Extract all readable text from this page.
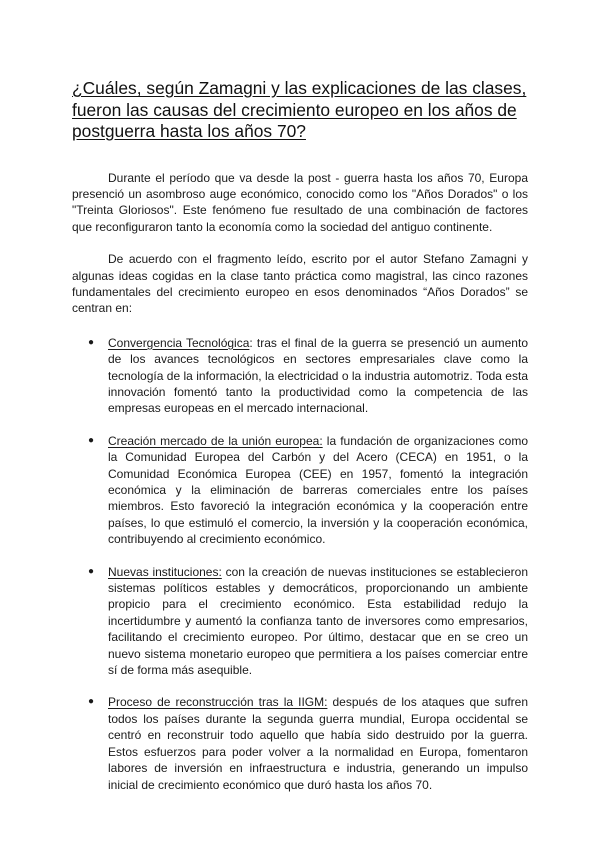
¿Cuáles, según Zamagni y las explicaciones de las clases, fueron las causas del crecimiento europeo en los años de postguerra hasta los años 70?

Durante el período que va desde la post - guerra hasta los años 70, Europa presenció un asombroso auge económico, conocido como los "Años Dorados" o los "Treinta Gloriosos". Este fenómeno fue resultado de una combinación de factores que reconfiguraron tanto la economía como la sociedad del antiguo continente.

De acuerdo con el fragmento leído, escrito por el autor Stefano Zamagni y algunas ideas cogidas en la clase tanto práctica como magistral, las cinco razones fundamentales del crecimiento europeo en esos denominados “Años Dorados” se centran en:

● Convergencia Tecnológica: tras el final de la guerra se presenció un aumento de los avances tecnológicos en sectores empresariales clave como la tecnología de la información, la electricidad o la industria automotriz. Toda esta innovación fomentó tanto la productividad como la competencia de las empresas europeas en el mercado internacional.
● Creación mercado de la unión europea: la fundación de organizaciones como la Comunidad Europea del Carbón y del Acero (CECA) en 1951, o la Comunidad Económica Europea (CEE) en 1957, fomentó la integración económica y la eliminación de barreras comerciales entre los países miembros. Esto favoreció la integración económica y la cooperación entre países, lo que estimuló el comercio, la inversión y la cooperación económica, contribuyendo al crecimiento económico.
● Nuevas instituciones: con la creación de nuevas instituciones se establecieron sistemas políticos estables y democráticos, proporcionando un ambiente propicio para el crecimiento económico. Esta estabilidad redujo la incertidumbre y aumentó la confianza tanto de inversores como empresarios, facilitando el crecimiento europeo. Por último, destacar que en se creo un nuevo sistema monetario europeo que permitiera a los países comerciar entre sí de forma más asequible.
● Proceso de reconstrucción tras la IIGM: después de los ataques que sufren todos los países durante la segunda guerra mundial, Europa occidental se centró en reconstruir todo aquello que había sido destruido por la guerra. Estos esfuerzos para poder volver a la normalidad en Europa, fomentaron labores de inversión en infraestructura e industria, generando un impulso inicial de crecimiento económico que duró hasta los años 70.
